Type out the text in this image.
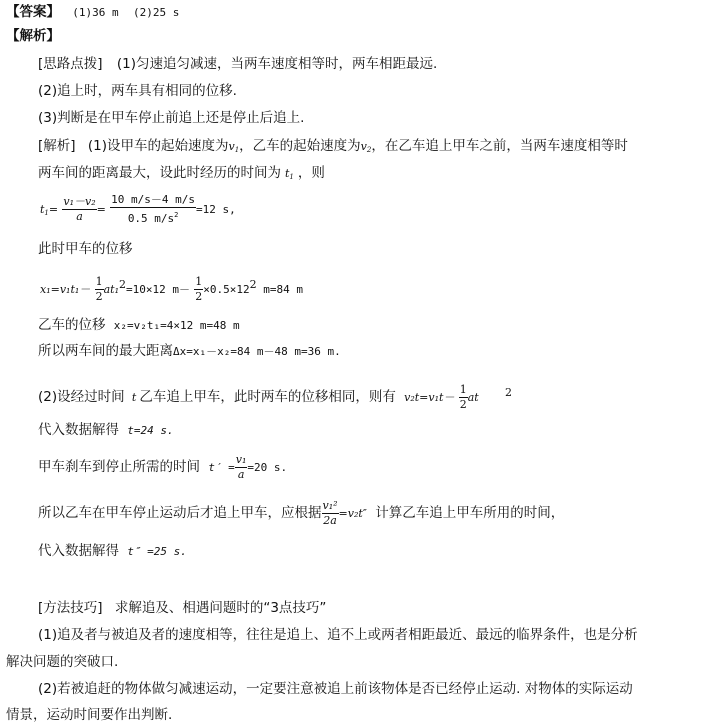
【答案】 (1)36 m (2)25 s
【解析】
[思路点拨] (1)匀速追匀减速，当两车速度相等时，两车相距最远.
(2)追上时，两车具有相同的位移.
(3)判断是在甲车停止前追上还是停止后追上.
[解析] (1)设甲车的起始速度为$v_1$，乙车的起始速度为$v_2$，在乙车追上甲车之前，当两车速度相等时
两车间的距离最大，设此时经历的时间为 $t_1$ ，则
$t_1= \frac{\text{v₁－v₂}}{a} = \frac{10 m/s-4 m/s}{0.5 m/s^2} =12$ s,
此时甲车的位移
$x_1=v_1t_1- \frac{1}{2} at_1^2=10\times 12$ $m- \frac{1}{2} \times 0.5\times 12^2$ m=84 m
乙车的位移 x₂=v₂t₁=4×12 m=48 m
所以两车间的最大距离Δx=x₁－x₂=84 m－48 m=36 m.
(2)设经过时间 t 乙车追上甲车，此时两车的位移相同，则有 $v_2t=v_1t- \frac{1}{2}$ at $^2$
代入数据解得 t=24 s.
甲车刹车到停止所需的时间 $t' = \frac{\text{v₁}}{a} =20$ s.
所以乙车在甲车停止运动后才追上甲车，应根据 $\frac{\text{v₁²}}{2a} =v_2t''$ 计算乙车追上甲车所用的时间，
代入数据解得 t″ =25 s.
[方法技巧] 求解追及、相遇问题时的“3点技巧”
(1)追及者与被追及者的速度相等，往往是追上、追不上或两者相距最近、最远的临界条件，也是分析
解决问题的突破口.
(2)若被追赶的物体做匀减速运动，一定要注意被追上前该物体是否已经停止运动. 对物体的实际运动
情景，运动时间要作出判断.
